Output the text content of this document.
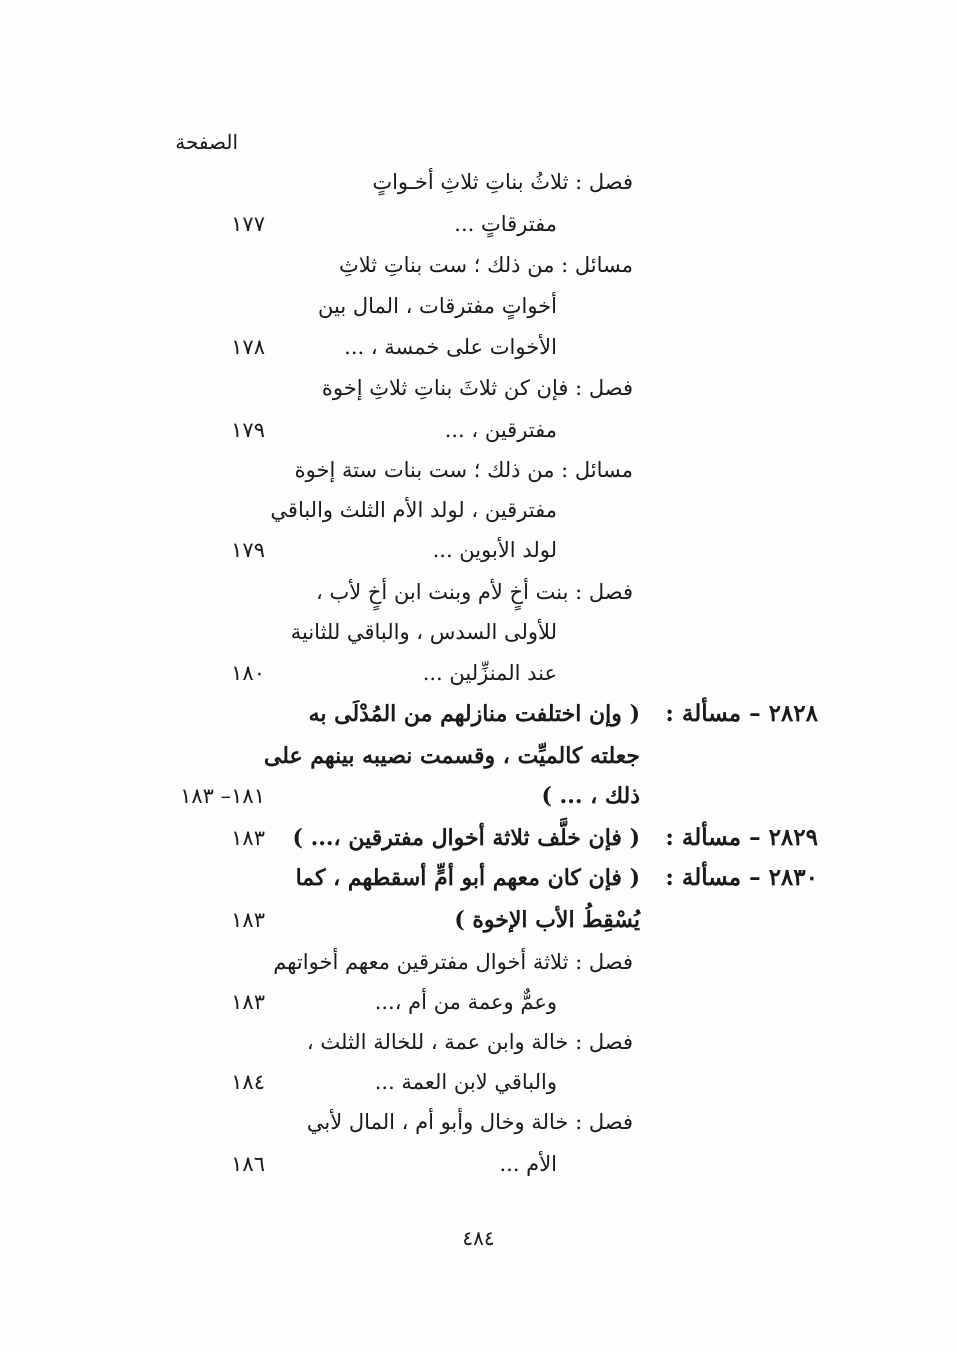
الصفحة
فصل : ثلاثُ بناتِ ثلاثِ أخـواتٍ
مفترقاتٍ ...
١٧٧
مسائل : من ذلك ؛ ست بناتِ ثلاثِ
أخواتٍ مفترقات ، المال بين
الأخوات على خمسة ، ...
١٧٨
فصل : فإن كن ثلاثَ بناتِ ثلاثِ إخوة
مفترقين ، ...
١٧٩
مسائل : من ذلك ؛ ست بنات ستة إخوة
مفترقين ، لولد الأم الثلث والباقي
لولد الأبوين ...
١٧٩
فصل : بنت أخٍ لأم وبنت ابن أخٍ لأب ،
للأولى السدس ، والباقي للثانية
عند المنزِّلين ...
١٨٠
٢٨٢٨ – مسألة :
( وإن اختلفت منازلهم من المُدْلَى به
جعلته كالميِّت ، وقسمت نصيبه بينهم على
ذلك ، ... )
١٨١– ١٨٣
٢٨٢٩ – مسألة :
( فإن خلَّف ثلاثة أخوال مفترقين ،... )
١٨٣
٢٨٣٠ – مسألة :
( فإن كان معهم أبو أمٍّ أسقطهم ، كما
يُسْقِطُ الأب الإخوة )
١٨٣
فصل : ثلاثة أخوال مفترقين معهم أخواتهم
وعمٌّ وعمة من أم ،...
١٨٣
فصل : خالة وابن عمة ، للخالة الثلث ،
والباقي لابن العمة ...
١٨٤
فصل : خالة وخال وأبو أم ، المال لأبي
الأم ...
١٨٦
٤٨٤
